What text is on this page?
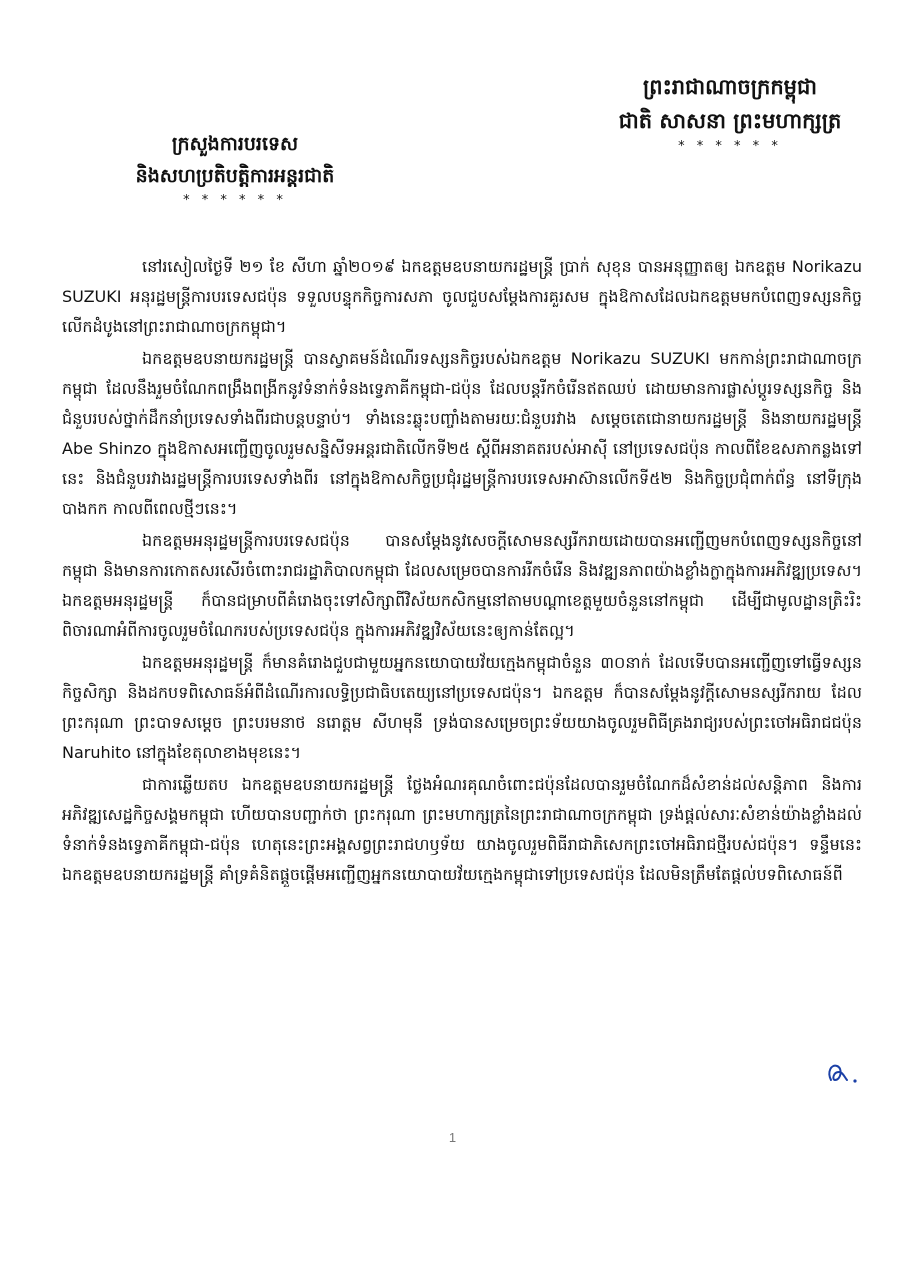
ព្រះរាជាណាចក្រកម្ពុជា
ជាតិ សាសនា ព្រះមហាក្សត្រ
* * * * * *
ក្រសួងការបរទេស
និងសហប្រតិបត្តិការអន្តរជាតិ
* * * * * *

នៅរសៀលថ្ងៃទី ២១ ខែ សីហា ឆ្នាំ២០១៩ ឯកឧត្តមឧបនាយករដ្ឋមន្ត្រី ប្រាក់ សុខុន បានអនុញ្ញាតឲ្យ ឯកឧត្តម Norikazu SUZUKI អនុរដ្ឋមន្ត្រីការបរទេសជប៉ុន ទទួលបន្ទុកកិច្ចការសភា ចូលជួបសម្តែងការគួរសម ក្នុងឱកាសដែលឯកឧត្តមមកបំពេញទស្សនកិច្ចលើកដំបូងនៅព្រះរាជាណាចក្រកម្ពុជា។

ឯកឧត្តមឧបនាយករដ្ឋមន្ត្រី បានស្វាគមន៍ដំណើរទស្សនកិច្ចរបស់ឯកឧត្តម Norikazu SUZUKI មកកាន់ព្រះរាជាណាចក្រកម្ពុជា ដែលនឹងរួមចំណែកពង្រឹងពង្រីកនូវទំនាក់ទំនងទ្វេភាគីកម្ពុជា-ជប៉ុន ដែលបន្តរីកចំរើនឥតឈប់ ដោយមានការផ្លាស់ប្តូរទស្សនកិច្ច និងជំនួបរបស់ថ្នាក់ដឹកនាំប្រទេសទាំងពីរជាបន្តបន្ទាប់។ ទាំងនេះឆ្លុះបញ្ចាំងតាមរយៈជំនួបរវាង សម្តេចតេជោនាយករដ្ឋមន្ត្រី និងនាយករដ្ឋមន្ត្រី Abe Shinzo ក្នុងឱកាសអញ្ជើញចូលរួមសន្និសីទអន្តរជាតិលើកទី២៥ ស្តីពីអនាគតរបស់អាស៊ី នៅប្រទេសជប៉ុន កាលពីខែឧសភាកន្លងទៅនេះ និងជំនួបរវាងរដ្ឋមន្ត្រីការបរទេសទាំងពីរ នៅក្នុងឱកាសកិច្ចប្រជុំរដ្ឋមន្ត្រីការបរទេសអាស៊ានលើកទី៥២ និងកិច្ចប្រជុំពាក់ព័ន្ធ នៅទីក្រុងបាងកក កាលពីពេលថ្មីៗនេះ។

ឯកឧត្តមអនុរដ្ឋមន្ត្រីការបរទេសជប៉ុន បានសម្តែងនូវសេចក្តីសោមនស្សរីករាយដោយបានអញ្ជើញមកបំពេញទស្សនកិច្ចនៅកម្ពុជា និងមានការកោតសរសើរចំពោះរាជរដ្ឋាភិបាលកម្ពុជា ដែលសម្រេចបានការរីកចំរើន និងវឌ្ឍនភាពយ៉ាងខ្លាំងក្លាក្នុងការអភិវឌ្ឍប្រទេស។ ឯកឧត្តមអនុរដ្ឋមន្ត្រី ក៏បានជម្រាបពីគំរោងចុះទៅសិក្សាពីវិស័យកសិកម្មនៅតាមបណ្តាខេត្តមួយចំនួននៅកម្ពុជា ដើម្បីជាមូលដ្ឋានត្រិះរិះពិចារណាអំពីការចូលរួមចំណែករបស់ប្រទេសជប៉ុន ក្នុងការអភិវឌ្ឍវិស័យនេះឲ្យកាន់តែល្អ។

ឯកឧត្តមអនុរដ្ឋមន្ត្រី ក៏មានគំរោងជួបជាមួយអ្នកនយោបាយវ័យក្មេងកម្ពុជាចំនួន ៣០នាក់ ដែលទើបបានអញ្ជើញទៅធ្វើទស្សនកិច្ចសិក្សា និងដកបទពិសោធន៍អំពីដំណើរការលទ្ធិប្រជាធិបតេយ្យនៅប្រទេសជប៉ុន។ ឯកឧត្តម ក៏បានសម្តែងនូវក្តីសោមនស្សរីករាយ ដែលព្រះករុណា ព្រះបាទសម្តេច ព្រះបរមនាថ នរោត្តម សីហមុនី ទ្រង់បានសម្រេចព្រះទ័យយាងចូលរួមពិធីគ្រងរាជ្យរបស់ព្រះចៅអធិរាជជប៉ុន Naruhito នៅក្នុងខែតុលាខាងមុខនេះ។

ជាការឆ្លើយតប ឯកឧត្តមឧបនាយករដ្ឋមន្ត្រី ថ្លែងអំណរគុណចំពោះជប៉ុនដែលបានរួមចំណែកដ៏សំខាន់ដល់សន្តិភាព និងការអភិវឌ្ឍសេដ្ឋកិច្ចសង្គមកម្ពុជា ហើយបានបញ្ជាក់ថា ព្រះករុណា ព្រះមហាក្សត្រនៃព្រះរាជាណាចក្រកម្ពុជា ទ្រង់ផ្តល់សារៈសំខាន់យ៉ាងខ្លាំងដល់ទំនាក់ទំនងទ្វេភាគីកម្ពុជា-ជប៉ុន ហេតុនេះព្រះអង្គសព្វព្រះរាជហឫទ័យ យាងចូលរួមពិធីរាជាភិសេកព្រះចៅអធិរាជថ្មីរបស់ជប៉ុន។ ទន្ទឹមនេះ ឯកឧត្តមឧបនាយករដ្ឋមន្ត្រី គាំទ្រគំនិតផ្តួចផ្តើមអញ្ជើញអ្នកនយោបាយវ័យក្មេងកម្ពុជាទៅប្រទេសជប៉ុន ដែលមិនត្រឹមតែផ្តល់បទពិសោធន៍ពី

1
